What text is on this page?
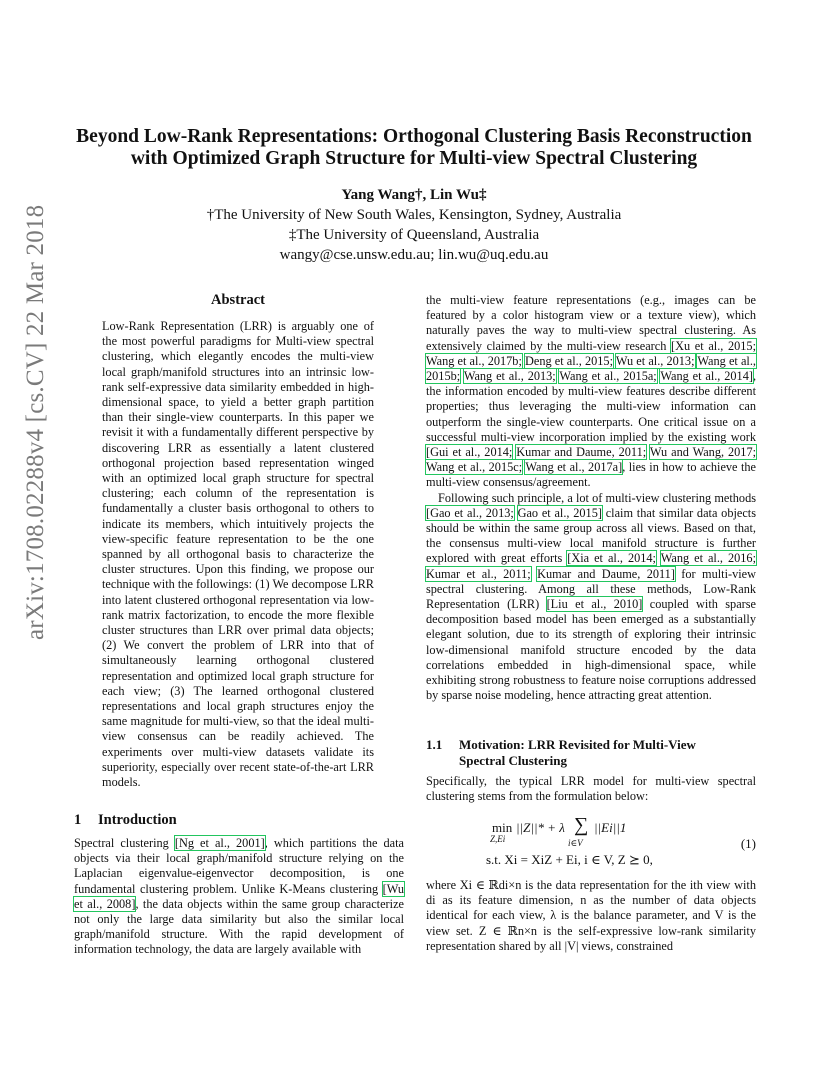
arXiv:1708.02288v4 [cs.CV] 22 Mar 2018
Beyond Low-Rank Representations: Orthogonal Clustering Basis Reconstruction
with Optimized Graph Structure for Multi-view Spectral Clustering
Yang Wang†, Lin Wu‡
†The University of New South Wales, Kensington, Sydney, Australia
‡The University of Queensland, Australia
wangy@cse.unsw.edu.au; lin.wu@uq.edu.au
Abstract
Low-Rank Representation (LRR) is arguably one of the most powerful paradigms for Multi-view spectral clustering, which elegantly encodes the multi-view local graph/manifold structures into an intrinsic low-rank self-expressive data similarity embedded in high-dimensional space, to yield a better graph partition than their single-view counterparts. In this paper we revisit it with a fundamentally different perspective by discovering LRR as essentially a latent clustered orthogonal projection based representation winged with an optimized local graph structure for spectral clustering; each column of the representation is fundamentally a cluster basis orthogonal to others to indicate its members, which intuitively projects the view-specific feature representation to be the one spanned by all orthogonal basis to characterize the cluster structures. Upon this finding, we propose our technique with the followings: (1) We decompose LRR into latent clustered orthogonal representation via low-rank matrix factorization, to encode the more flexible cluster structures than LRR over primal data objects; (2) We convert the problem of LRR into that of simultaneously learning orthogonal clustered representation and optimized local graph structure for each view; (3) The learned orthogonal clustered representations and local graph structures enjoy the same magnitude for multi-view, so that the ideal multi-view consensus can be readily achieved. The experiments over multi-view datasets validate its superiority, especially over recent state-of-the-art LRR models.
1 Introduction

Spectral clustering [Ng et al., 2001], which partitions the data objects via their local graph/manifold structure relying on the Laplacian eigenvalue-eigenvector decomposition, is one fundamental clustering problem. Unlike K-Means clustering [Wu et al., 2008], the data objects within the same group characterize not only the large data similarity but also the similar local graph/manifold structure. With the rapid development of information technology, the data are largely available with

the multi-view feature representations (e.g., images can be featured by a color histogram view or a texture view), which naturally paves the way to multi-view spectral clustering. As extensively claimed by the multi-view research [Xu et al., 2015; Wang et al., 2017b; Deng et al., 2015; Wu et al., 2013; Wang et al., 2015b; Wang et al., 2013; Wang et al., 2015a; Wang et al., 2014], the information encoded by multi-view features describe different properties; thus leveraging the multi-view information can outperform the single-view counterparts. One critical issue on a successful multi-view incorporation implied by the existing work [Gui et al., 2014; Kumar and Daume, 2011; Wu and Wang, 2017; Wang et al., 2015c; Wang et al., 2017a], lies in how to achieve the multi-view consensus/agreement.

Following such principle, a lot of multi-view clustering methods [Gao et al., 2013; Gao et al., 2015] claim that similar data objects should be within the same group across all views. Based on that, the consensus multi-view local manifold structure is further explored with great efforts [Xia et al., 2014; Wang et al., 2016; Kumar et al., 2011; Kumar and Daume, 2011] for multi-view spectral clustering. Among all these methods, Low-Rank Representation (LRR) [Liu et al., 2010] coupled with sparse decomposition based model has been emerged as a substantially elegant solution, due to its strength of exploring their intrinsic low-dimensional manifold structure encoded by the data correlations embedded in high-dimensional space, while exhibiting strong robustness to feature noise corruptions addressed by sparse noise modeling, hence attracting great attention.

1.1 Motivation: LRR Revisited for Multi-View
Spectral Clustering
Specifically, the typical LRR model for multi-view spectral clustering stems from the formulation below:
min
Z,Ei
||Z||* + λ ∑
i∈V
||Ei||1
s.t. Xi = XiZ + Ei, i ∈ V, Z ⪰ 0,
(1)
where Xi ∈ ℝdi×n is the data representation for the ith view with di as its feature dimension, n as the number of data objects identical for each view, λ is the balance parameter, and V is the view set. Z ∈ ℝn×n is the self-expressive low-rank similarity representation shared by all |V| views, constrained
